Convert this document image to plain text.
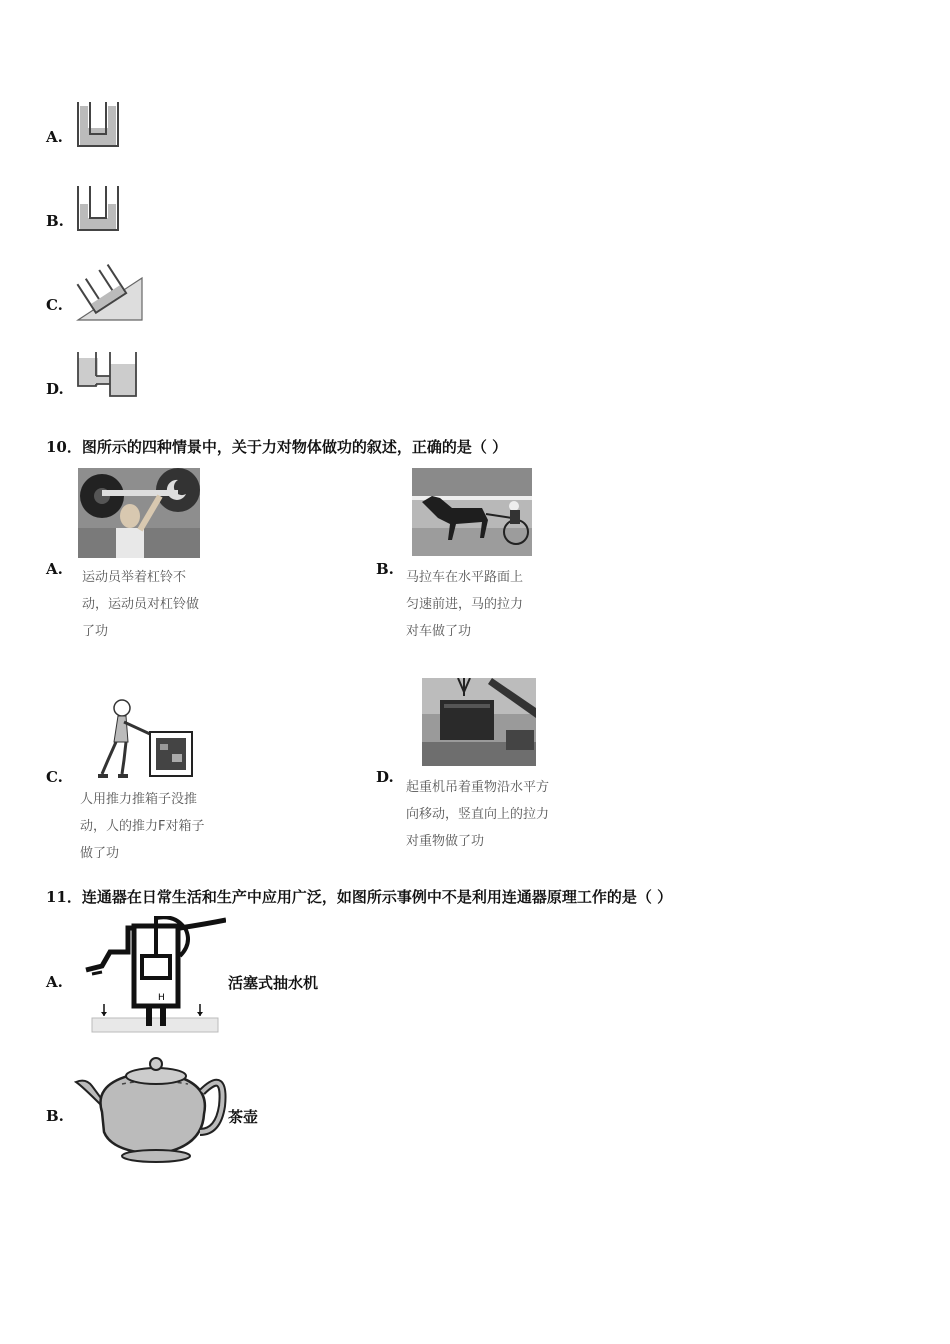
A.
B.
C.
D.
10．图所示的四种情景中，关于力对物体做功的叙述，正确的是（ ）
A. 运动员举着杠铃不动，运动员对杠铃做了功
B. 马拉车在水平路面上匀速前进，马的拉力对车做了功
C.
人用推力推箱子没推动，人的推力F对箱子做了功
D.
起重机吊着重物沿水平方向移动，竖直向上的拉力对重物做了功
11．连通器在日常生活和生产中应用广泛，如图所示事例中不是利用连通器原理工作的是（ ）
A.
H
活塞式抽水机
B.	茶壶
